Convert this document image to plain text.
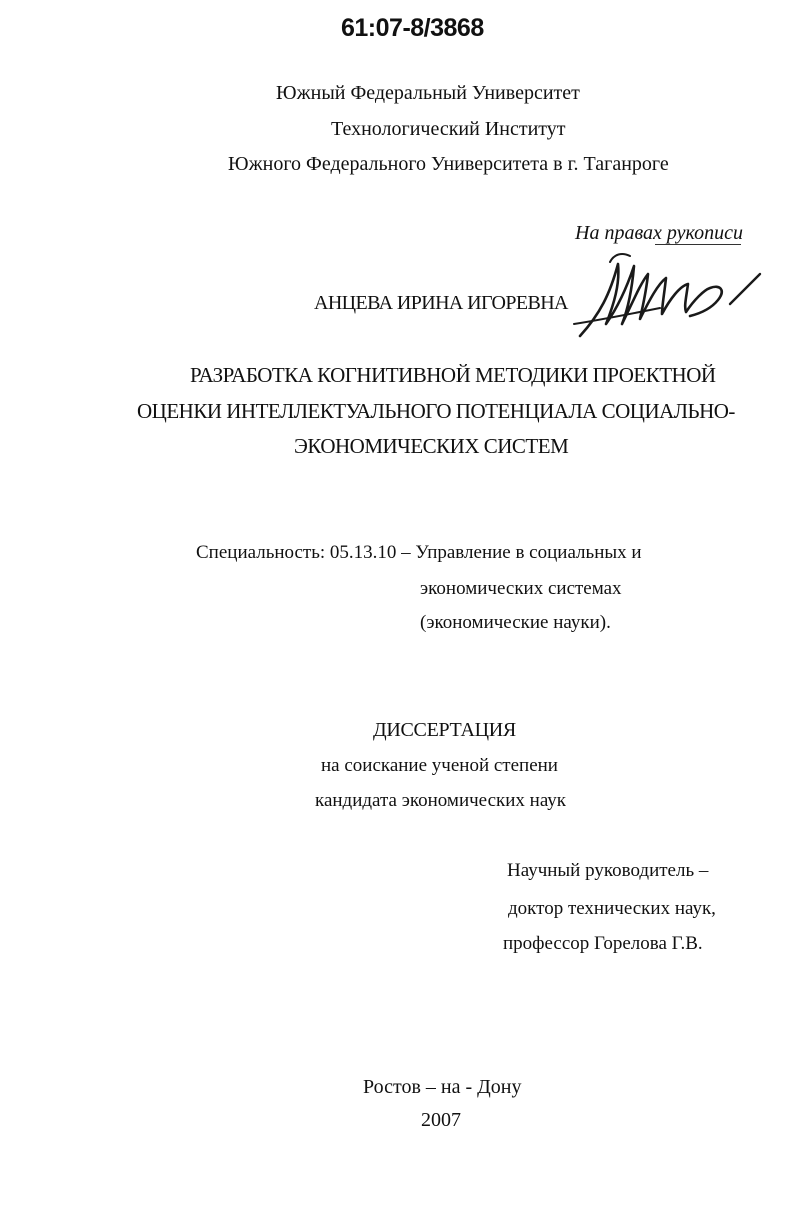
61:07-8/3868
Южный Федеральный Университет
Технологический Институт
Южного Федерального Университета в г. Таганроге
На правах рукописи
АНЦЕВА ИРИНА ИГОРЕВНА
РАЗРАБОТКА КОГНИТИВНОЙ МЕТОДИКИ ПРОЕКТНОЙ
ОЦЕНКИ ИНТЕЛЛЕКТУАЛЬНОГО ПОТЕНЦИАЛА СОЦИАЛЬНО-
ЭКОНОМИЧЕСКИХ СИСТЕМ
Специальность: 05.13.10 – Управление в социальных и
экономических системах
(экономические науки).
ДИССЕРТАЦИЯ
на соискание ученой степени
кандидата экономических наук
Научный руководитель –
доктор технических наук,
профессор Горелова Г.В.
Ростов – на - Дону
2007
